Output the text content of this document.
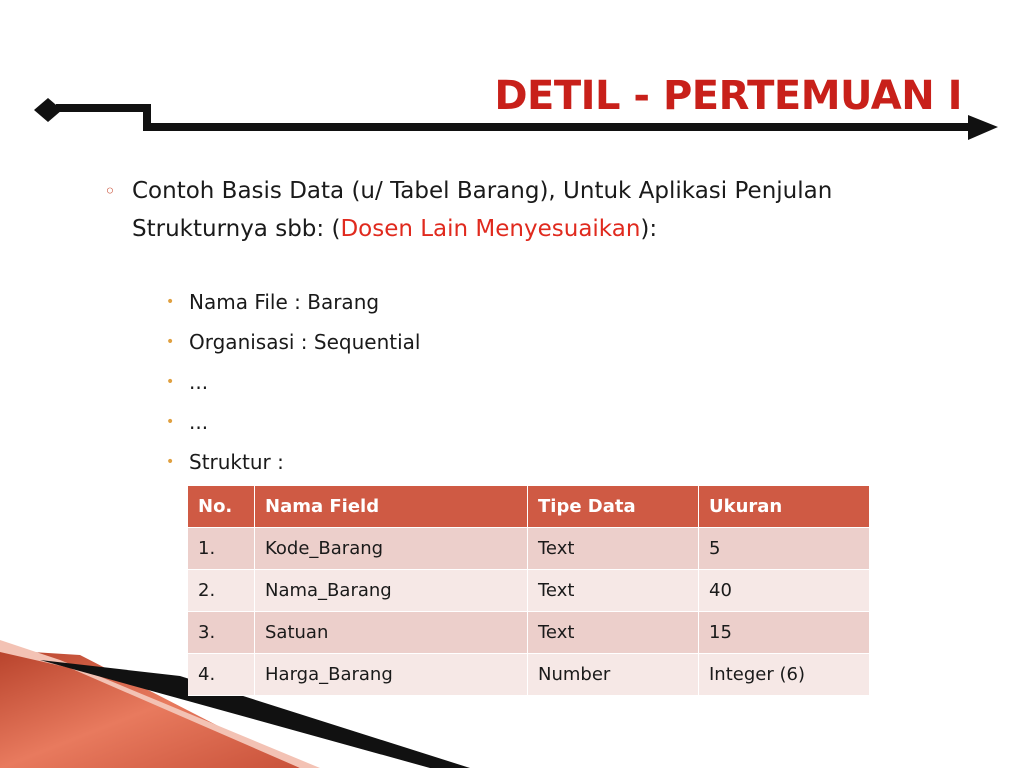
DETIL - PERTEMUAN I
◦ Contoh Basis Data (u/ Tabel Barang), Untuk Aplikasi Penjulan Strukturnya sbb: (Dosen Lain Menyesuaikan):
• Nama File : Barang
• Organisasi : Sequential
• ...
• ...
• Struktur :
No.	Nama Field	Tipe Data	Ukuran
1.	Kode_Barang	Text	5
2.	Nama_Barang	Text	40
3.	Satuan	Text	15
4.	Harga_Barang	Number	Integer (6)
